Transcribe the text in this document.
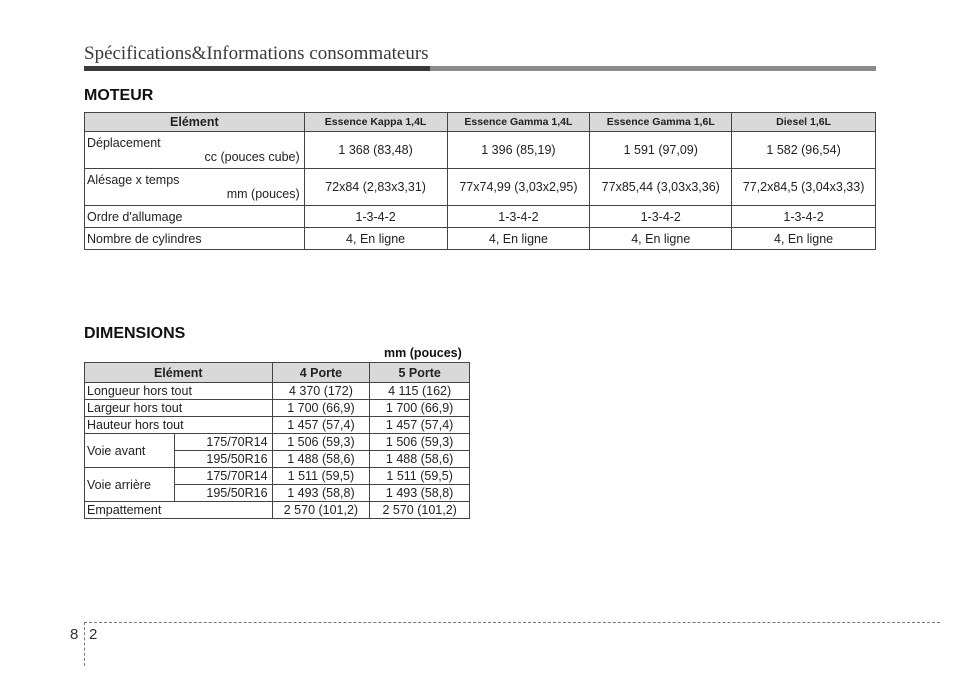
Spécifications&Informations consommateurs
MOTEUR
Elément	Essence Kappa 1,4L	Essence Gamma 1,4L	Essence Gamma 1,6L	Diesel 1,6L
Déplacement
cc (pouces cube)	1 368 (83,48)	1 396 (85,19)	1 591 (97,09)	1 582 (96,54)
Alésage x temps
mm (pouces)	72x84 (2,83x3,31)	77x74,99 (3,03x2,95)	77x85,44 (3,03x3,36)	77,2x84,5 (3,04x3,33)
Ordre d'allumage	1-3-4-2	1-3-4-2	1-3-4-2	1-3-4-2
Nombre de cylindres	4, En ligne	4, En ligne	4, En ligne	4, En ligne
DIMENSIONS
mm (pouces)
Elément		4 Porte	5 Porte
Longueur hors tout		4 370 (172)	4 115 (162)
Largeur hors tout		1 700 (66,9)	1 700 (66,9)
Hauteur hors tout		1 457 (57,4)	1 457 (57,4)
Voie avant	175/70R14	1 506 (59,3)	1 506 (59,3)
	195/50R16	1 488 (58,6)	1 488 (58,6)
Voie arrière	175/70R14	1 511 (59,5)	1 511 (59,5)
	195/50R16	1 493 (58,8)	1 493 (58,8)
Empattement		2 570 (101,2)	2 570 (101,2)
8 2
